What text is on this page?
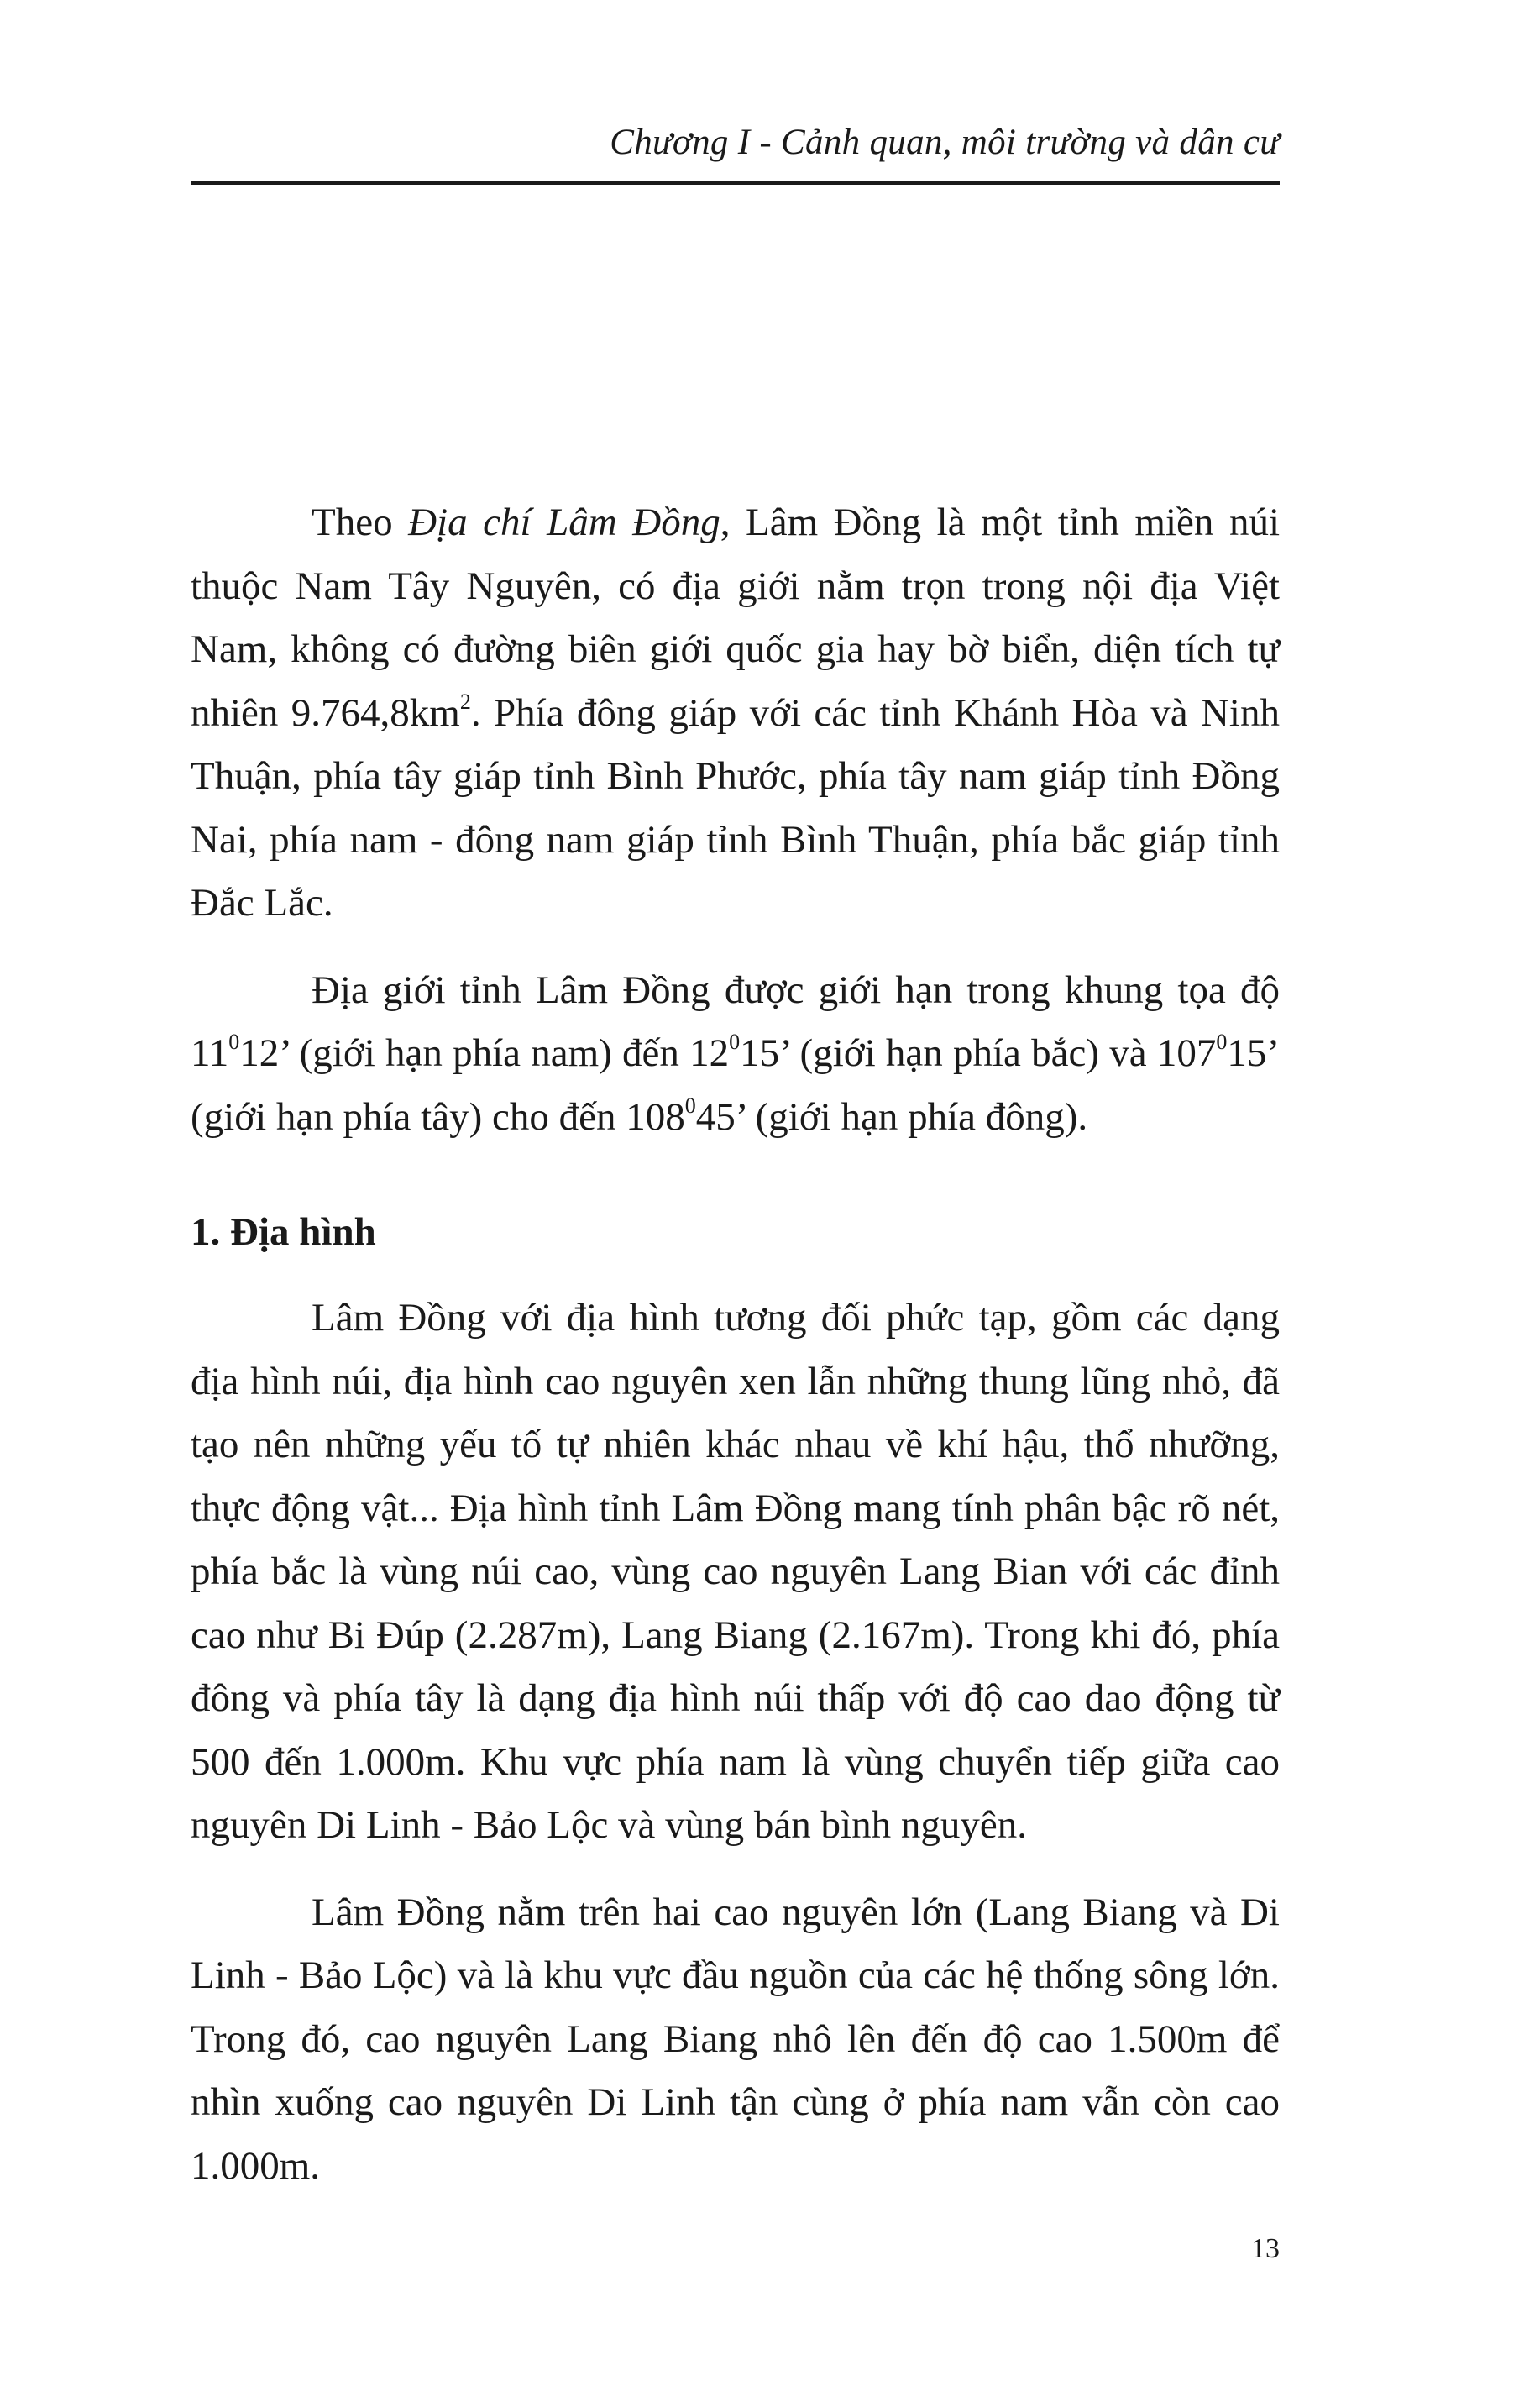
Chương I - Cảnh quan, môi trường và dân cư

Theo Địa chí Lâm Đồng, Lâm Đồng là một tỉnh miền núi thuộc Nam Tây Nguyên, có địa giới nằm trọn trong nội địa Việt Nam, không có đường biên giới quốc gia hay bờ biển, diện tích tự nhiên $9.764,8km^2$. Phía đông giáp với các tỉnh Khánh Hòa và Ninh Thuận, phía tây giáp tỉnh Bình Phước, phía tây nam giáp tỉnh Đồng Nai, phía nam - đông nam giáp tỉnh Bình Thuận, phía bắc giáp tỉnh Đắc Lắc.

Địa giới tỉnh Lâm Đồng được giới hạn trong khung tọa độ $11^012$’ (giới hạn phía nam) đến $12^015$’ (giới hạn phía bắc) và $107^015$’ (giới hạn phía tây) cho đến $108^045$’ (giới hạn phía đông).

1. Địa hình

Lâm Đồng với địa hình tương đối phức tạp, gồm các dạng địa hình núi, địa hình cao nguyên xen lẫn những thung lũng nhỏ, đã tạo nên những yếu tố tự nhiên khác nhau về khí hậu, thổ nhưỡng, thực động vật... Địa hình tỉnh Lâm Đồng mang tính phân bậc rõ nét, phía bắc là vùng núi cao, vùng cao nguyên Lang Bian với các đỉnh cao như Bi Đúp (2.287m), Lang Biang (2.167m). Trong khi đó, phía đông và phía tây là dạng địa hình núi thấp với độ cao dao động từ 500 đến 1.000m. Khu vực phía nam là vùng chuyển tiếp giữa cao nguyên Di Linh - Bảo Lộc và vùng bán bình nguyên.

Lâm Đồng nằm trên hai cao nguyên lớn (Lang Biang và Di Linh - Bảo Lộc) và là khu vực đầu nguồn của các hệ thống sông lớn. Trong đó, cao nguyên Lang Biang nhô lên đến độ cao 1.500m để nhìn xuống cao nguyên Di Linh tận cùng ở phía nam vẫn còn cao 1.000m.

13
